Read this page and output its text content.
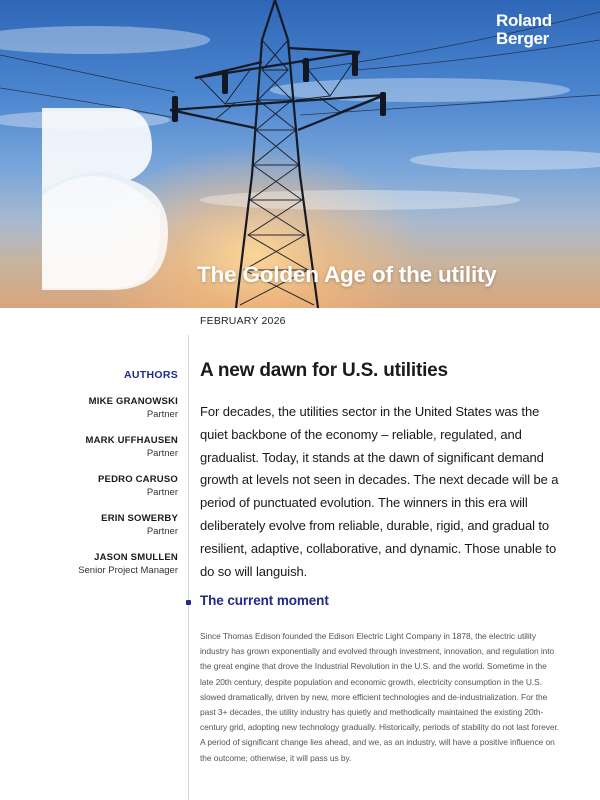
Roland
Berger
The Golden Age of the utility
FEBRUARY 2026
AUTHORS
MIKE GRANOWSKI
Partner
MARK UFFHAUSEN
Partner
PEDRO CARUSO
Partner
ERIN SOWERBY
Partner
JASON SMULLEN
Senior Project Manager
A new dawn for U.S. utilities

For decades, the utilities sector in the United States was the quiet backbone of the economy – reliable, regulated, and gradualist. Today, it stands at the dawn of significant demand growth at levels not seen in decades. The next decade will be a period of punctuated evolution. The winners in this era will deliberately evolve from reliable, durable, rigid, and gradual to resilient, adaptive, collaborative, and dynamic. Those unable to do so will languish.

The current moment

Since Thomas Edison founded the Edison Electric Light Company in 1878, the electric utility industry has grown exponentially and evolved through investment, innovation, and regulation into the great engine that drove the Industrial Revolution in the U.S. and the world. Sometime in the late 20th century, despite population and economic growth, electricity consumption in the U.S. slowed dramatically, driven by new, more efficient technologies and de-industrialization. For the past 3+ decades, the utility industry has quietly and methodically maintained the existing 20th-century grid, adopting new technology gradually. Historically, periods of stability do not last forever. A period of significant change lies ahead, and we, as an industry, will have a positive influence on the outcome; otherwise, it will pass us by.
